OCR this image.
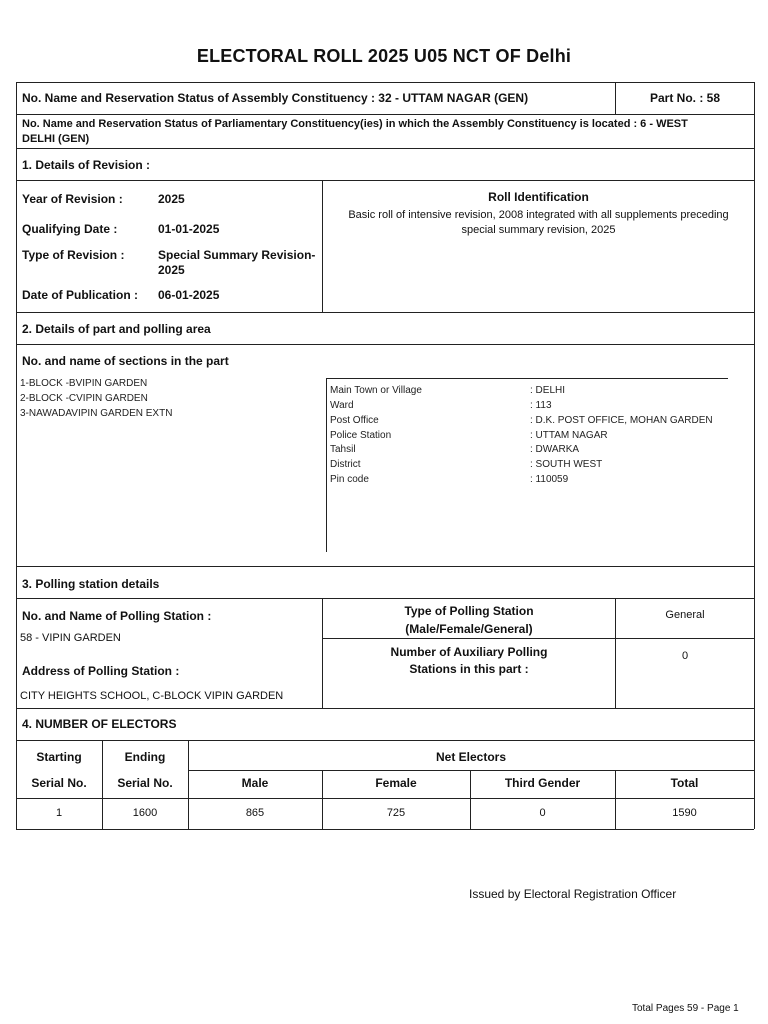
ELECTORAL ROLL 2025 U05 NCT OF Delhi
No. Name and Reservation Status of Assembly Constituency : 32 - UTTAM NAGAR (GEN)	Part No. : 58
No. Name and Reservation Status of Parliamentary Constituency(ies) in which the Assembly Constituency is located : 6 - WEST
DELHI (GEN)
1. Details of Revision :
Year of Revision :	2025
Qualifying Date :	01-01-2025
Type of Revision :	Special Summary Revision-
2025
Date of Publication : 06-01-2025
Roll Identification
Basic roll of intensive revision, 2008 integrated with all supplements preceding
special summary revision, 2025
2. Details of part and polling area
No. and name of sections in the part
1-BLOCK -BVIPIN GARDEN
2-BLOCK -CVIPIN GARDEN
3-NAWADAVIPIN GARDEN EXTN
Main Town or Village	: DELHI
Ward	: 113
Post Office	: D.K. POST OFFICE, MOHAN GARDEN
Police Station	: UTTAM NAGAR
Tahsil	: DWARKA
District	: SOUTH WEST
Pin code	: 110059
3. Polling station details
No. and Name of Polling Station :
58 - VIPIN GARDEN
Address of Polling Station :
CITY HEIGHTS SCHOOL, C-BLOCK VIPIN GARDEN
Type of Polling Station
(Male/Female/General)
General
Number of Auxiliary Polling
Stations in this part :
0
4. NUMBER OF ELECTORS
Starting
Serial No.
Ending
Serial No.
Net Electors
Male	Female	Third Gender	Total
1	1600	865	725	0	1590
Issued by Electoral Registration Officer
Total Pages 59 - Page 1
